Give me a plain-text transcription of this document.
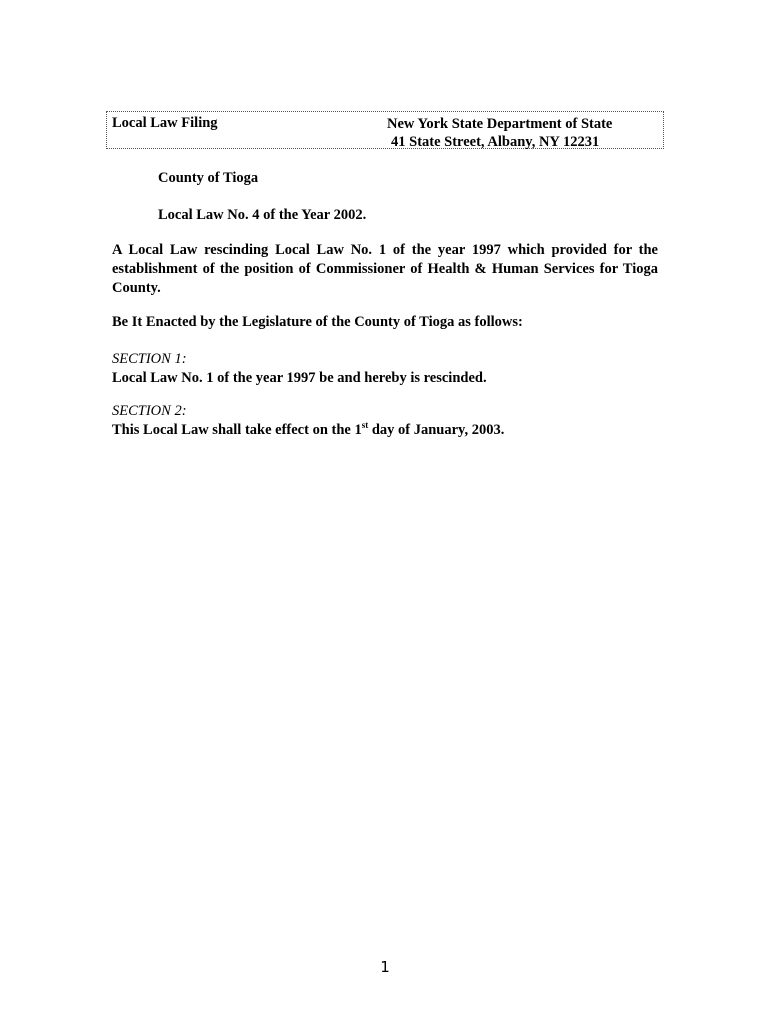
Local Law Filing	New York State Department of State
41 State Street, Albany, NY 12231
County of Tioga
Local Law No. 4 of the Year 2002.
A Local Law rescinding Local Law No. 1 of the year 1997 which provided for the establishment of the position of Commissioner of Health & Human Services for Tioga County.
Be It Enacted by the Legislature of the County of Tioga as follows:
SECTION 1:
Local Law No. 1 of the year 1997 be and hereby is rescinded.
SECTION 2:
This Local Law shall take effect on the 1st day of January, 2003.
1
